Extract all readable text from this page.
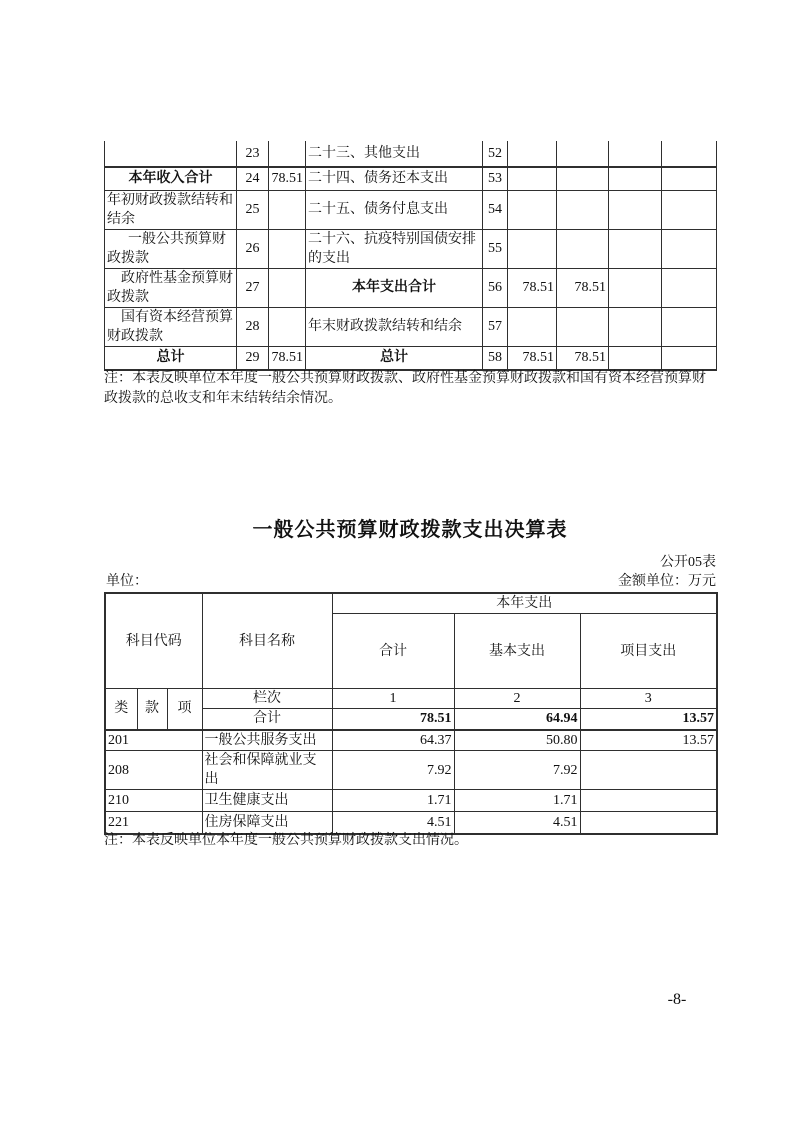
	23		二十三、其他支出	52				
本年收入合计	24	78.51	二十四、债务还本支出	53				
年初财政拨款结转和结余	25		二十五、债务付息支出	54				
一般公共预算财政拨款	26		二十六、抗疫特别国债安排的支出	55				
政府性基金预算财政拨款	27		本年支出合计	56	78.51	78.51		
国有资本经营预算财政拨款	28		年末财政拨款结转和结余	57				
总计	29	78.51	总计	58	78.51	78.51		
注：本表反映单位本年度一般公共预算财政拨款、政府性基金预算财政拨款和国有资本经营预算财政拨款的总收支和年末结转结余情况。
一般公共预算财政拨款支出决算表
公开05表
单位：	金额单位：万元
科目代码			科目名称	本年支出		
				合计	基本支出	项目支出
类	款	项	栏次	1	2	3
			合计	78.51	64.94	13.57
201			一般公共服务支出	64.37	50.80	13.57
208			社会和保障就业支出	7.92	7.92	
210			卫生健康支出	1.71	1.71	
221			住房保障支出	4.51	4.51	
注：本表反映单位本年度一般公共预算财政拨款支出情况。
-8-
